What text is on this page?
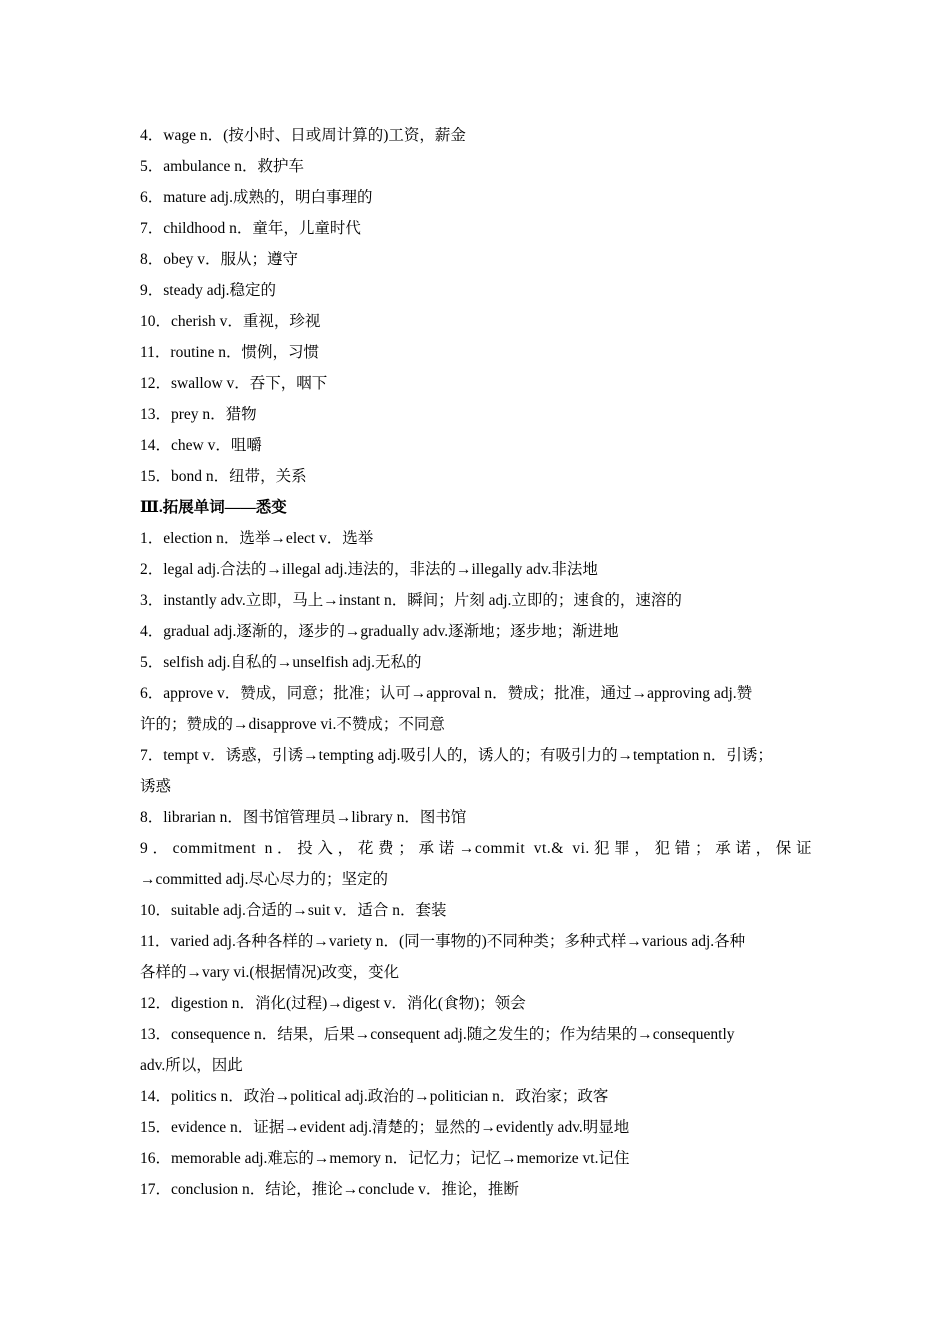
4．wage n．(按小时、日或周计算的)工资，薪金
5．ambulance n．救护车
6．mature adj.成熟的，明白事理的
7．childhood n．童年，儿童时代
8．obey v．服从；遵守
9．steady adj.稳定的
10．cherish v．重视，珍视
11．routine n．惯例，习惯
12．swallow v．吞下，咽下
13．prey n．猎物
14．chew v．咀嚼
15．bond n．纽带，关系
Ⅲ.拓展单词——悉变
1．election n．选举→elect v．选举
2．legal adj.合法的→illegal adj.违法的，非法的→illegally adv.非法地
3．instantly adv.立即，马上→instant n．瞬间；片刻 adj.立即的；速食的，速溶的
4．gradual adj.逐渐的，逐步的→gradually adv.逐渐地；逐步地；渐进地
5．selfish adj.自私的→unselfish adj.无私的
6．approve v．赞成，同意；批准；认可→approval n．赞成；批准，通过→approving adj.赞
许的；赞成的→disapprove vi.不赞成；不同意
7．tempt v．诱惑，引诱→tempting adj.吸引人的，诱人的；有吸引力的→temptation n．引诱；
诱惑
8．librarian n．图书馆管理员→library n．图书馆
9．commitment n．投入，花费；承诺→commit vt.& vi.犯罪，犯错；承诺，保证
→committed adj.尽心尽力的；坚定的
10．suitable adj.合适的→suit v．适合 n．套装
11．varied adj.各种各样的→variety n．(同一事物的)不同种类；多种式样→various adj.各种
各样的→vary vi.(根据情况)改变，变化
12．digestion n．消化(过程)→digest v．消化(食物)；领会
13．consequence n．结果，后果→consequent adj.随之发生的；作为结果的→consequently
adv.所以，因此
14．politics n．政治→political adj.政治的→politician n．政治家；政客
15．evidence n．证据→evident adj.清楚的；显然的→evidently adv.明显地
16．memorable adj.难忘的→memory n．记忆力；记忆→memorize vt.记住
17．conclusion n．结论，推论→conclude v．推论，推断
